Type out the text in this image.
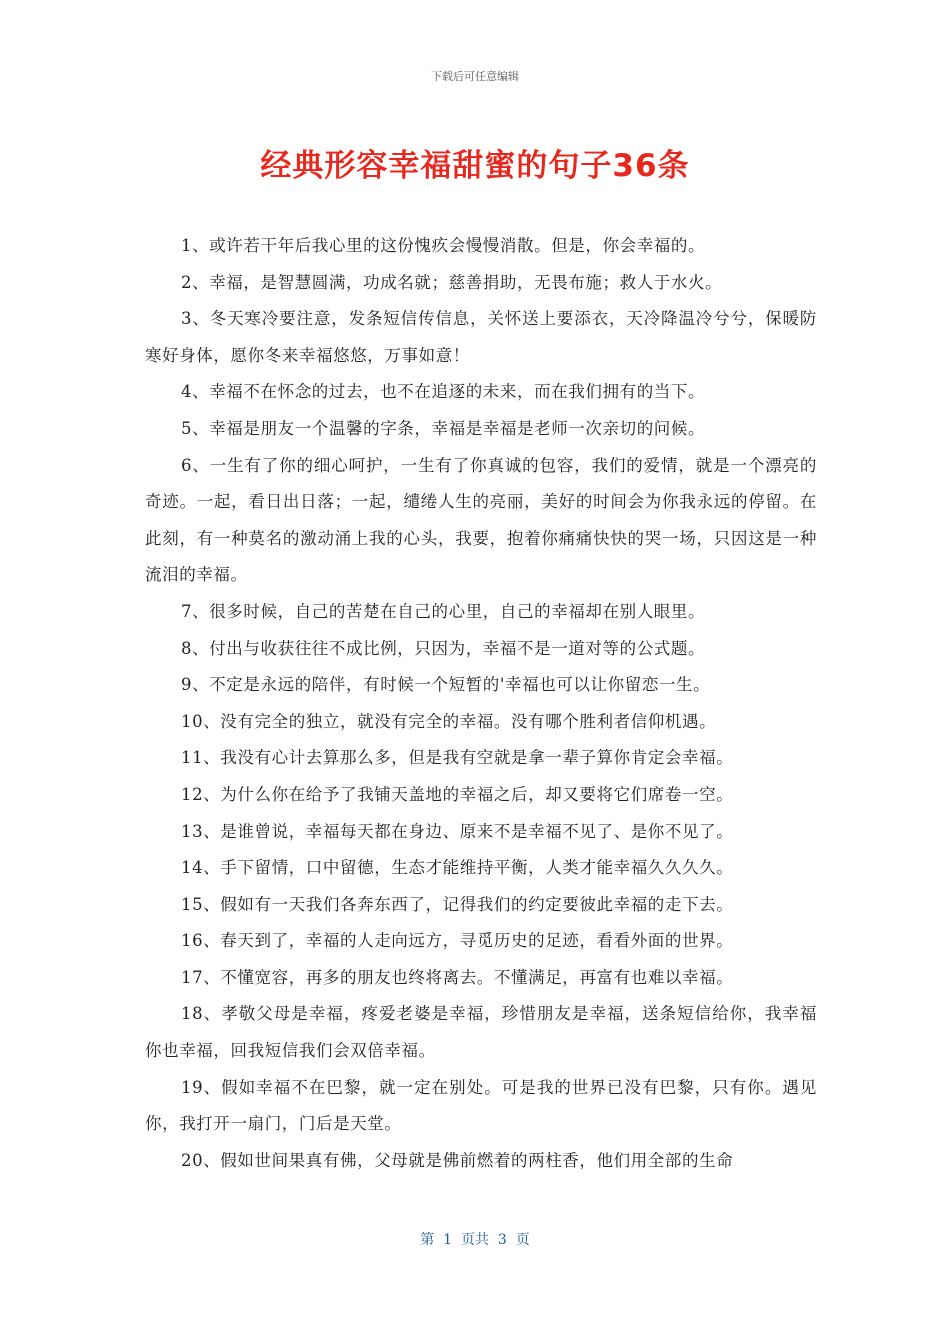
下载后可任意编辑
经典形容幸福甜蜜的句子36条

1、或许若干年后我心里的这份愧疚会慢慢消散。但是，你会幸福的。

2、幸福，是智慧圆满，功成名就；慈善捐助，无畏布施；救人于水火。

3、冬天寒冷要注意，发条短信传信息，关怀送上要添衣，天冷降温冷兮兮，保暖防寒好身体，愿你冬来幸福悠悠，万事如意！

4、幸福不在怀念的过去，也不在追逐的未来，而在我们拥有的当下。

5、幸福是朋友一个温馨的字条，幸福是幸福是老师一次亲切的问候。

6、一生有了你的细心呵护，一生有了你真诚的包容，我们的爱情，就是一个漂亮的奇迹。一起，看日出日落；一起，缱绻人生的亮丽，美好的时间会为你我永远的停留。在此刻，有一种莫名的激动涌上我的心头，我要，抱着你痛痛快快的哭一场，只因这是一种流泪的幸福。

7、很多时候，自己的苦楚在自己的心里，自己的幸福却在别人眼里。

8、付出与收获往往不成比例，只因为，幸福不是一道对等的公式题。

9、不定是永远的陪伴，有时候一个短暂的'幸福也可以让你留恋一生。

10、没有完全的独立，就没有完全的幸福。没有哪个胜利者信仰机遇。

11、我没有心计去算那么多，但是我有空就是拿一辈子算你肯定会幸福。

12、为什么你在给予了我铺天盖地的幸福之后，却又要将它们席卷一空。

13、是谁曾说，幸福每天都在身边、原来不是幸福不见了、是你不见了。

14、手下留情，口中留德，生态才能维持平衡，人类才能幸福久久久久。

15、假如有一天我们各奔东西了，记得我们的约定要彼此幸福的走下去。

16、春天到了，幸福的人走向远方，寻觅历史的足迹，看看外面的世界。

17、不懂宽容，再多的朋友也终将离去。不懂满足，再富有也难以幸福。

18、孝敬父母是幸福，疼爱老婆是幸福，珍惜朋友是幸福，送条短信给你，我幸福你也幸福，回我短信我们会双倍幸福。

19、假如幸福不在巴黎，就一定在别处。可是我的世界已没有巴黎，只有你。遇见你，我打开一扇门，门后是天堂。

20、假如世间果真有佛，父母就是佛前燃着的两柱香，他们用全部的生命

第  1  页共  3  页
